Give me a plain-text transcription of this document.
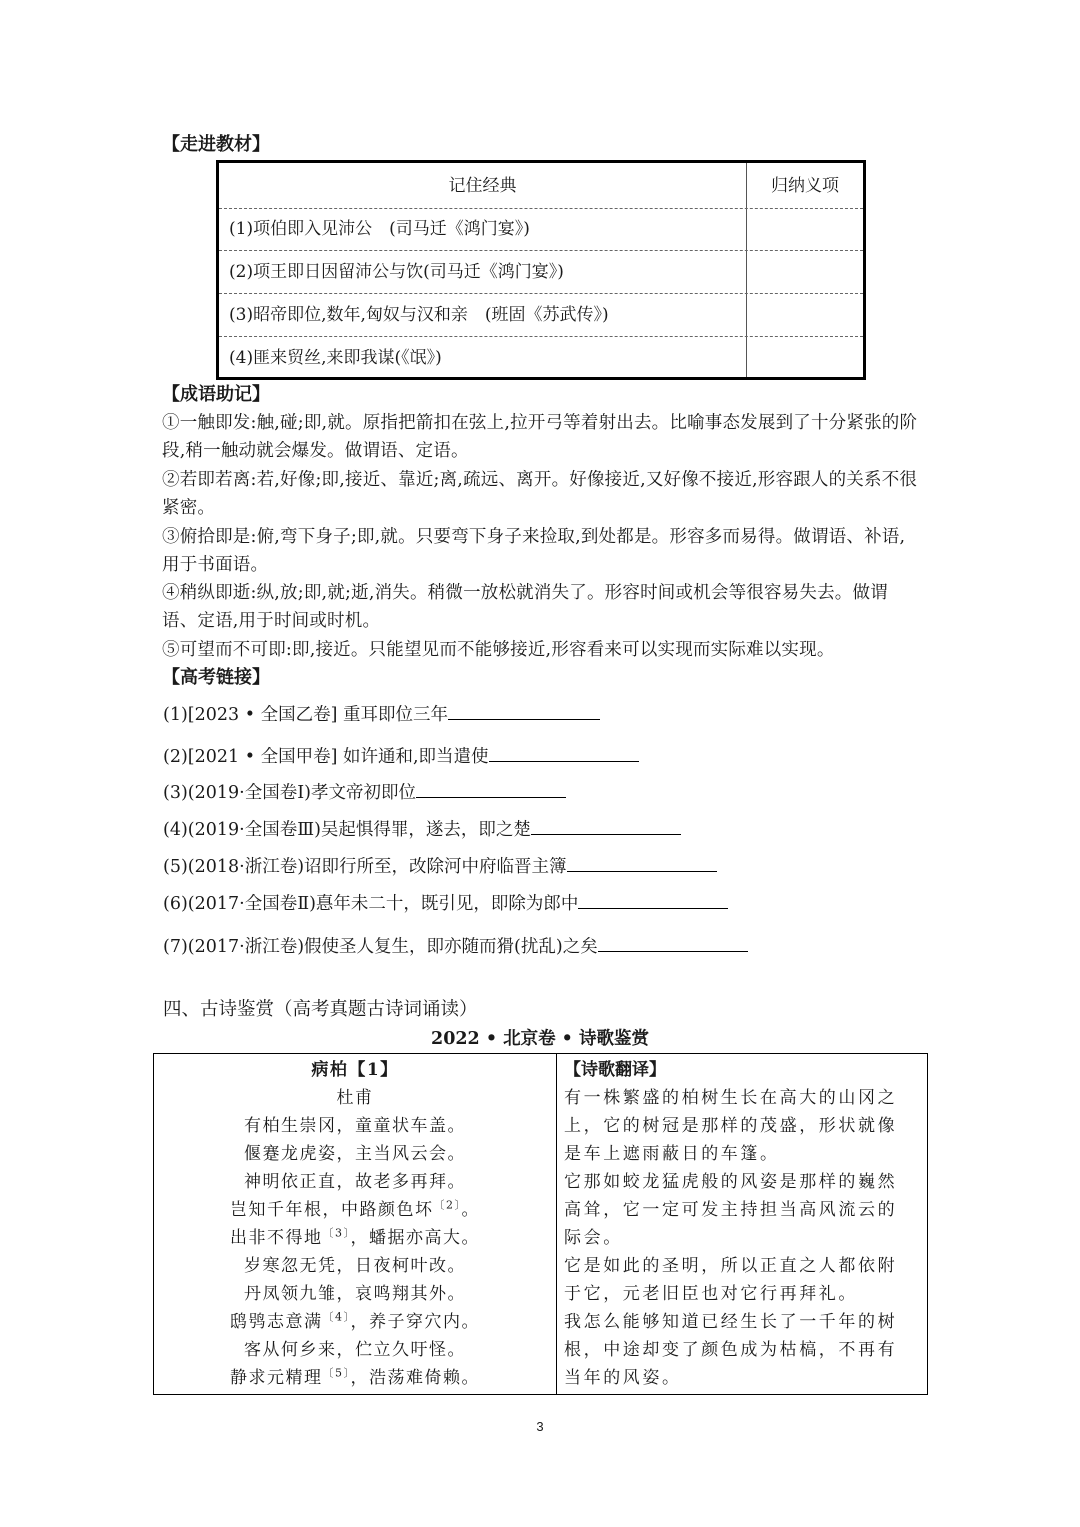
【走进教材】
记住经典	归纳义项
(1)项伯即入见沛公　(司马迁《鸿门宴》)
(2)项王即日因留沛公与饮(司马迁《鸿门宴》)
(3)昭帝即位,数年,匈奴与汉和亲　(班固《苏武传》)
(4)匪来贸丝,来即我谋(《氓》)
【成语助记】
①一触即发:触,碰;即,就。原指把箭扣在弦上,拉开弓等着射出去。比喻事态发展到了十分紧张的阶段,稍一触动就会爆发。做谓语、定语。
②若即若离:若,好像;即,接近、靠近;离,疏远、离开。好像接近,又好像不接近,形容跟人的关系不很紧密。
③俯拾即是:俯,弯下身子;即,就。只要弯下身子来捡取,到处都是。形容多而易得。做谓语、补语,用于书面语。
④稍纵即逝:纵,放;即,就;逝,消失。稍微一放松就消失了。形容时间或机会等很容易失去。做谓语、定语,用于时间或时机。
⑤可望而不可即:即,接近。只能望见而不能够接近,形容看来可以实现而实际难以实现。
【高考链接】
(1)[2023 • 全国乙卷] 重耳即位三年
(2)[2021 • 全国甲卷] 如许通和,即当遣使
(3)(2019·全国卷Ⅰ)孝文帝初即位
(4)(2019·全国卷Ⅲ)吴起惧得罪，遂去，即之楚
(5)(2018·浙江卷)诏即行所至，改除河中府临晋主簿
(6)(2017·全国卷Ⅱ)惪年未二十，既引见，即除为郎中
(7)(2017·浙江卷)假使圣人复生，即亦随而猾(扰乱)之矣
四、古诗鉴赏（高考真题古诗词诵读）
2022 • 北京卷 • 诗歌鉴赏
病柏【1】
杜甫
有柏生崇冈，童童状车盖。
偃蹇龙虎姿，主当风云会。
神明依正直，故老多再拜。
岂知千年根，中路颜色坏$^{〔2〕}$。
出非不得地$^{〔3〕}$，蟠据亦高大。
岁寒忽无凭，日夜柯叶改。
丹凤领九雏，哀鸣翔其外。
鸱鸮志意满$^{〔4〕}$，养子穿穴内。
客从何乡来，伫立久吁怪。
静求元精理$^{〔5〕}$，浩荡难倚赖。
【诗歌翻译】
有一株繁盛的柏树生长在高大的山冈之
上，它的树冠是那样的茂盛，形状就像
是车上遮雨蔽日的车篷。
它那如蛟龙猛虎般的风姿是那样的巍然
高耸，它一定可发主持担当高风流云的
际会。
它是如此的圣明，所以正直之人都依附
于它，元老旧臣也对它行再拜礼。
我怎么能够知道已经生长了一千年的树
根，中途却变了颜色成为枯槁，不再有
当年的风姿。
3
